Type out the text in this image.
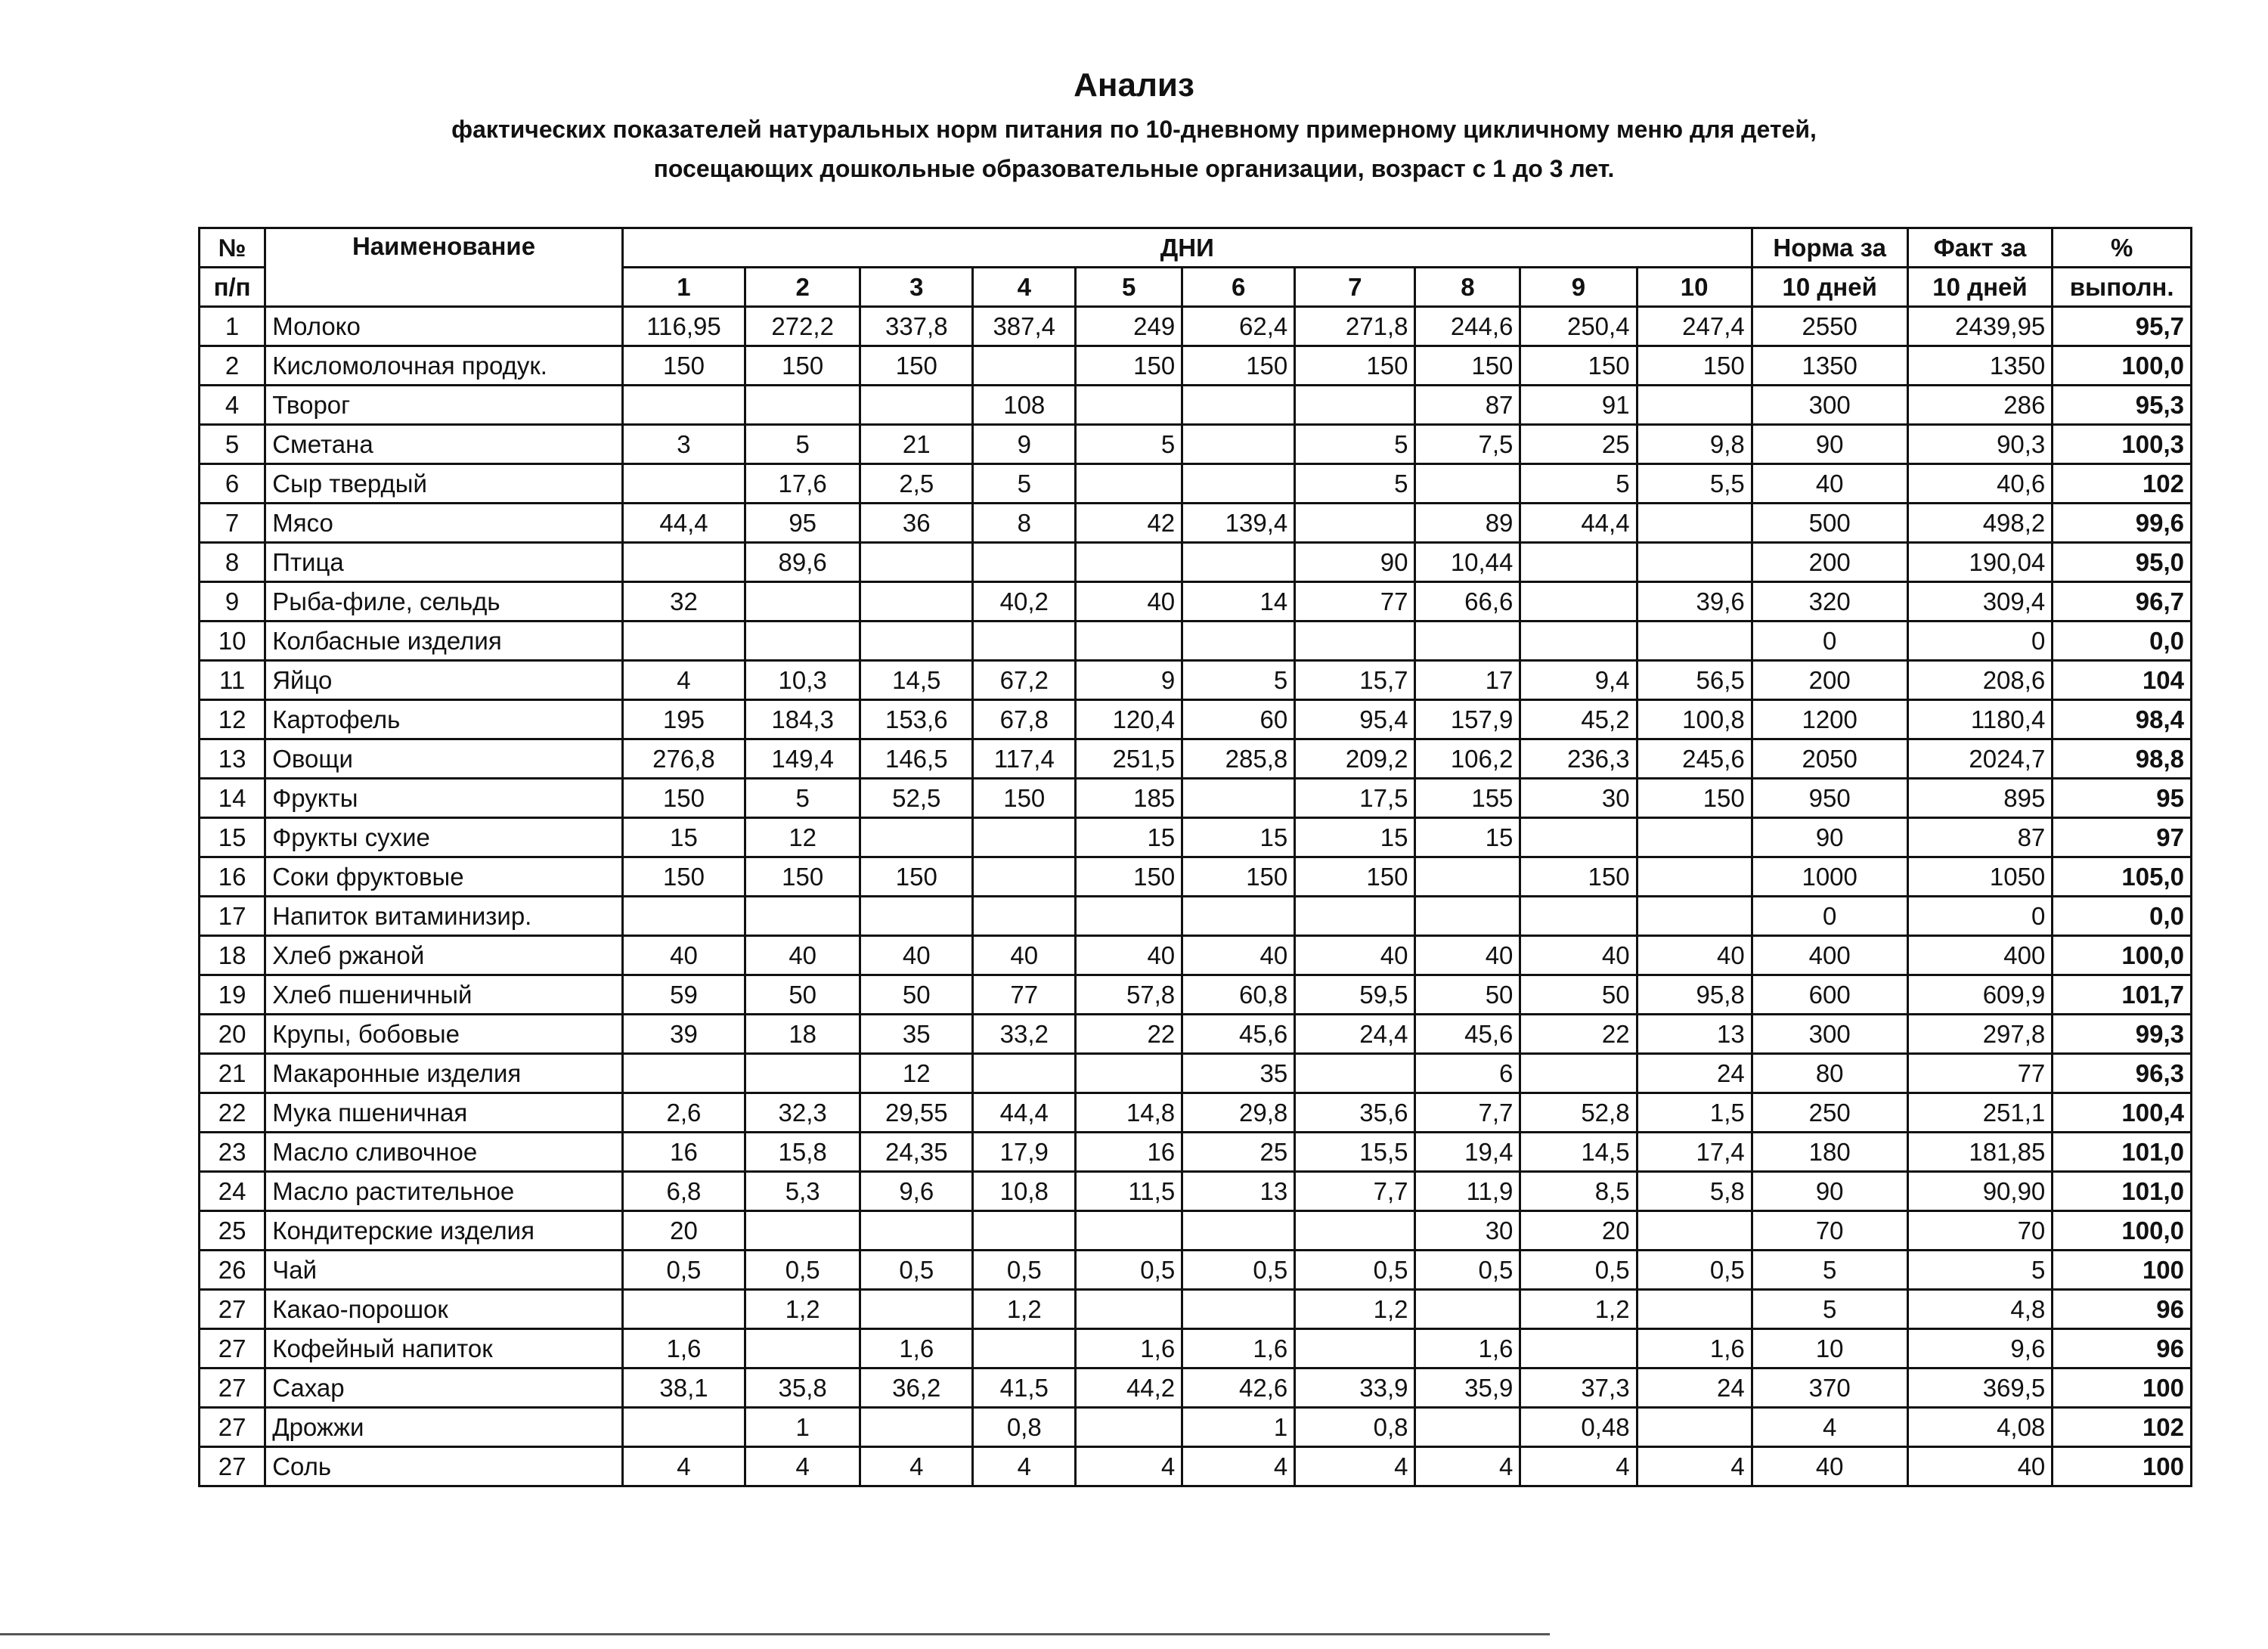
Анализ
фактических показателей натуральных норм питания по 10-дневному примерному цикличному меню для детей,
посещающих дошкольные образовательные организации, возраст с 1 до 3 лет.
№	Наименование	ДНИ										Норма за	Факт за	%
п/п		1	2	3	4	5	6	7	8	9	10	10 дней	10 дней	выполн.
1	Молоко	116,95	272,2	337,8	387,4	249	62,4	271,8	244,6	250,4	247,4	2550	2439,95	95,7
2	Кисломолочная продук.	150	150	150		150	150	150	150	150	150	1350	1350	100,0
4	Творог				108				87	91		300	286	95,3
5	Сметана	3	5	21	9	5		5	7,5	25	9,8	90	90,3	100,3
6	Сыр твердый		17,6	2,5	5			5		5	5,5	40	40,6	102
7	Мясо	44,4	95	36	8	42	139,4		89	44,4		500	498,2	99,6
8	Птица		89,6					90	10,44			200	190,04	95,0
9	Рыба-филе, сельдь	32			40,2	40	14	77	66,6		39,6	320	309,4	96,7
10	Колбасные изделия											0	0	0,0
11	Яйцо	4	10,3	14,5	67,2	9	5	15,7	17	9,4	56,5	200	208,6	104
12	Картофель	195	184,3	153,6	67,8	120,4	60	95,4	157,9	45,2	100,8	1200	1180,4	98,4
13	Овощи	276,8	149,4	146,5	117,4	251,5	285,8	209,2	106,2	236,3	245,6	2050	2024,7	98,8
14	Фрукты	150	5	52,5	150	185		17,5	155	30	150	950	895	95
15	Фрукты сухие	15	12			15	15	15	15			90	87	97
16	Соки фруктовые	150	150	150		150	150	150		150		1000	1050	105,0
17	Напиток витаминизир.											0	0	0,0
18	Хлеб ржаной	40	40	40	40	40	40	40	40	40	40	400	400	100,0
19	Хлеб пшеничный	59	50	50	77	57,8	60,8	59,5	50	50	95,8	600	609,9	101,7
20	Крупы, бобовые	39	18	35	33,2	22	45,6	24,4	45,6	22	13	300	297,8	99,3
21	Макаронные изделия			12			35		6		24	80	77	96,3
22	Мука пшеничная	2,6	32,3	29,55	44,4	14,8	29,8	35,6	7,7	52,8	1,5	250	251,1	100,4
23	Масло сливочное	16	15,8	24,35	17,9	16	25	15,5	19,4	14,5	17,4	180	181,85	101,0
24	Масло растительное	6,8	5,3	9,6	10,8	11,5	13	7,7	11,9	8,5	5,8	90	90,90	101,0
25	Кондитерские изделия	20							30	20		70	70	100,0
26	Чай	0,5	0,5	0,5	0,5	0,5	0,5	0,5	0,5	0,5	0,5	5	5	100
27	Какао-порошок		1,2		1,2			1,2		1,2		5	4,8	96
27	Кофейный напиток	1,6		1,6		1,6	1,6		1,6		1,6	10	9,6	96
27	Сахар	38,1	35,8	36,2	41,5	44,2	42,6	33,9	35,9	37,3	24	370	369,5	100
27	Дрожжи		1		0,8		1	0,8		0,48		4	4,08	102
27	Соль	4	4	4	4	4	4	4	4	4	4	40	40	100
